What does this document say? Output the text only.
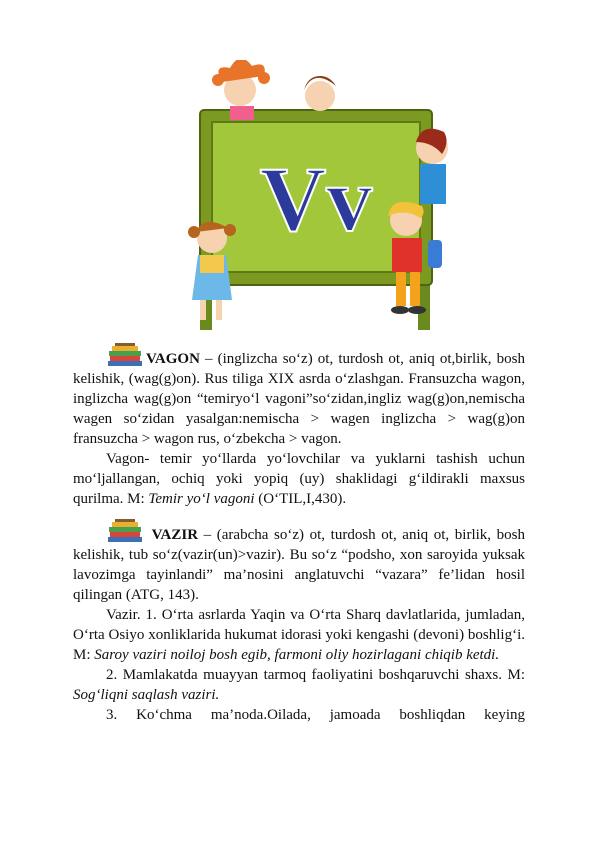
Vv

VAGON – (inglizcha so‘z) ot, turdosh ot, aniq ot,birlik, bosh kelishik, (wag(g)on). Rus tiliga XIX asrda o‘zlashgan. Fransuzcha wagon, inglizcha wag(g)on “temiryo‘l vagoni”so‘zidan,ingliz wag(g)on,nemischa wagen so‘zidan yasalgan:nemischa > wagen inglizcha > wag(g)on fransuzcha > wagon rus, o‘zbekcha > vagon.

Vagon- temir yo‘llarda yo‘lovchilar va yuklarni tashish uchun mo‘ljallangan, ochiq yoki yopiq (uy) shaklidagi g‘ildirakli maxsus qurilma. M: Temir yo‘l vagoni (O‘TIL,I,430).

VAZIR – (arabcha so‘z) ot, turdosh ot, aniq ot, birlik, bosh kelishik, tub so‘z(vazir(un)>vazir). Bu so‘z “podsho, xon saroyida yuksak lavozimga tayinlandi” ma’nosini anglatuvchi “vazara” fe’lidan hosil qilingan (ATG, 143).

Vazir. 1. O‘rta asrlarda Yaqin va O‘rta Sharq davlatlarida, jumladan, O‘rta Osiyo xonliklarida hukumat idorasi yoki kengashi (devoni) boshlig‘i. M: Saroy vaziri noiloj bosh egib, farmoni oliy hozirlagani chiqib ketdi.

2. Mamlakatda muayyan tarmoq faoliyatini boshqaruvchi shaxs. M: Sog‘liqni saqlash vaziri.

3. Ko‘chma ma’noda.Oilada, jamoada boshliqdan keying
